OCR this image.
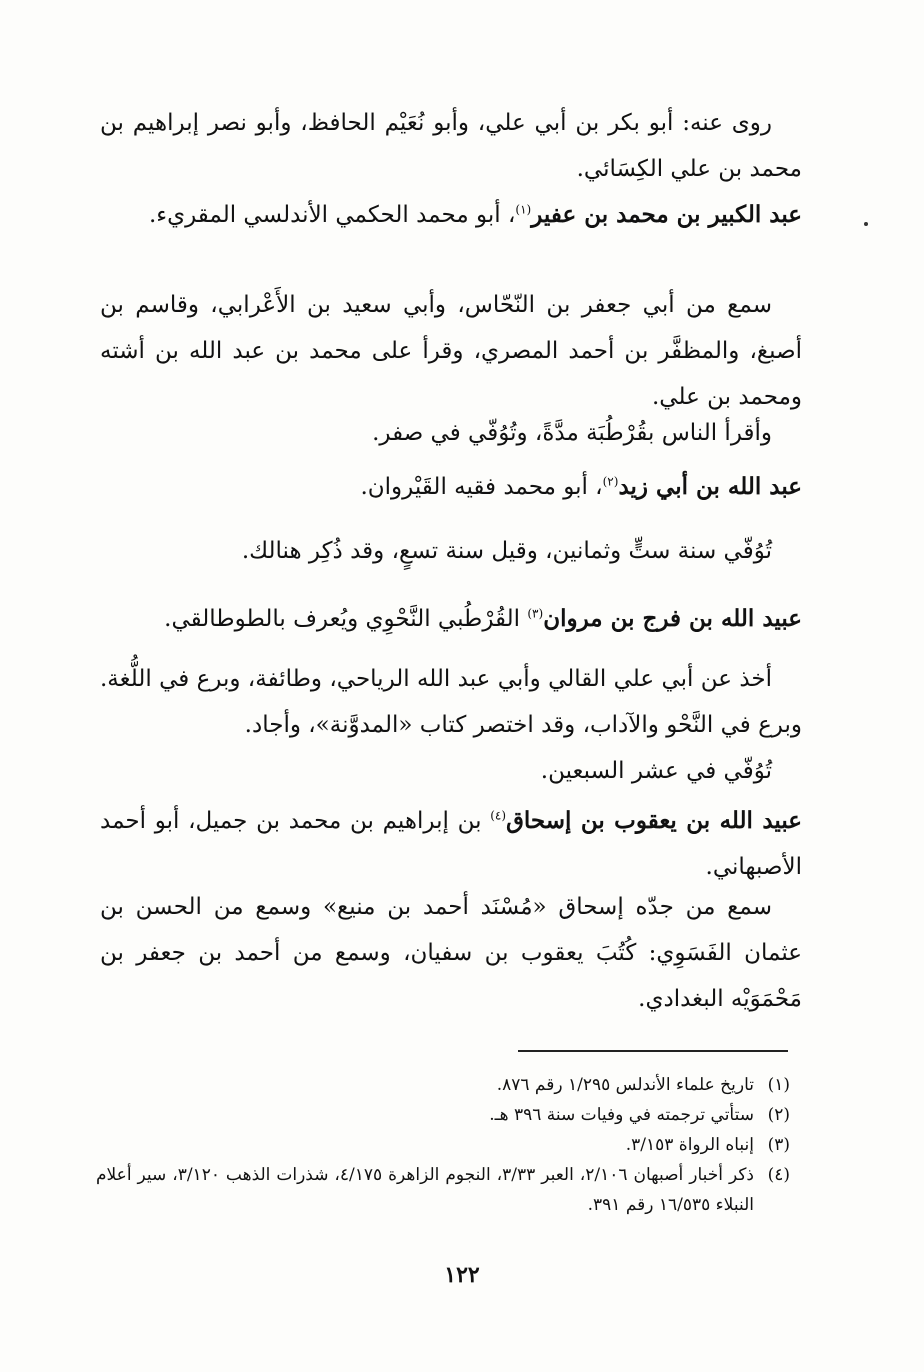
روى عنه: أبو بكر بن أبي علي، وأبو نُعَيْم الحافظ، وأبو نصر إبراهيم بن محمد بن علي الكِسَائي.

عبد الكبير بن محمد بن عفير$^{(١)}$، أبو محمد الحكمي الأندلسي المقريء.

سمع من أبي جعفر بن النّحّاس، وأبي سعيد بن الأَعْرابي، وقاسم بن أصبغ، والمظفَّر بن أحمد المصري، وقرأ على محمد بن عبد الله بن أشته ومحمد بن علي.

وأقرأ الناس بقُرْطُبَة مدَّةً، وتُوُفّي في صفر.

عبد الله بن أبي زيد$^{(٢)}$، أبو محمد فقيه القَيْروان.

تُوُفّي سنة ستٍّ وثمانين، وقيل سنة تسعٍ، وقد ذُكِر هنالك.

عبيد الله بن فرج بن مروان$^{(٣)}$ القُرْطُبي النَّحْوِي ويُعرف بالطوطالقي.

أخذ عن أبي علي القالي وأبي عبد الله الرياحي، وطائفة، وبرع في اللُّغة. وبرع في النَّحْو والآداب، وقد اختصر كتاب «المدوَّنة»، وأجاد.

تُوُفّي في عشر السبعين.

عبيد الله بن يعقوب بن إسحاق$^{(٤)}$ بن إبراهيم بن محمد بن جميل، أبو أحمد الأصبهاني.

سمع من جدّه إسحاق «مُسْنَد أحمد بن منيع» وسمع من الحسن بن عثمان الفَسَوِي: كُتُبَ يعقوب بن سفيان، وسمع من أحمد بن جعفر بن مَحْمَوَيْه البغدادي.

(١)
تاريخ علماء الأندلس ١/٢٩٥ رقم ٨٧٦.
(٢)
ستأتي ترجمته في وفيات سنة ٣٩٦ هـ.
(٣)
إنباه الرواة ٣/١٥٣.
(٤)
ذكر أخبار أصبهان ٢/١٠٦، العبر ٣/٣٣، النجوم الزاهرة ٤/١٧٥، شذرات الذهب ٣/١٢٠، سير أعلام النبلاء ١٦/٥٣٥ رقم ٣٩١.
١٢٢
